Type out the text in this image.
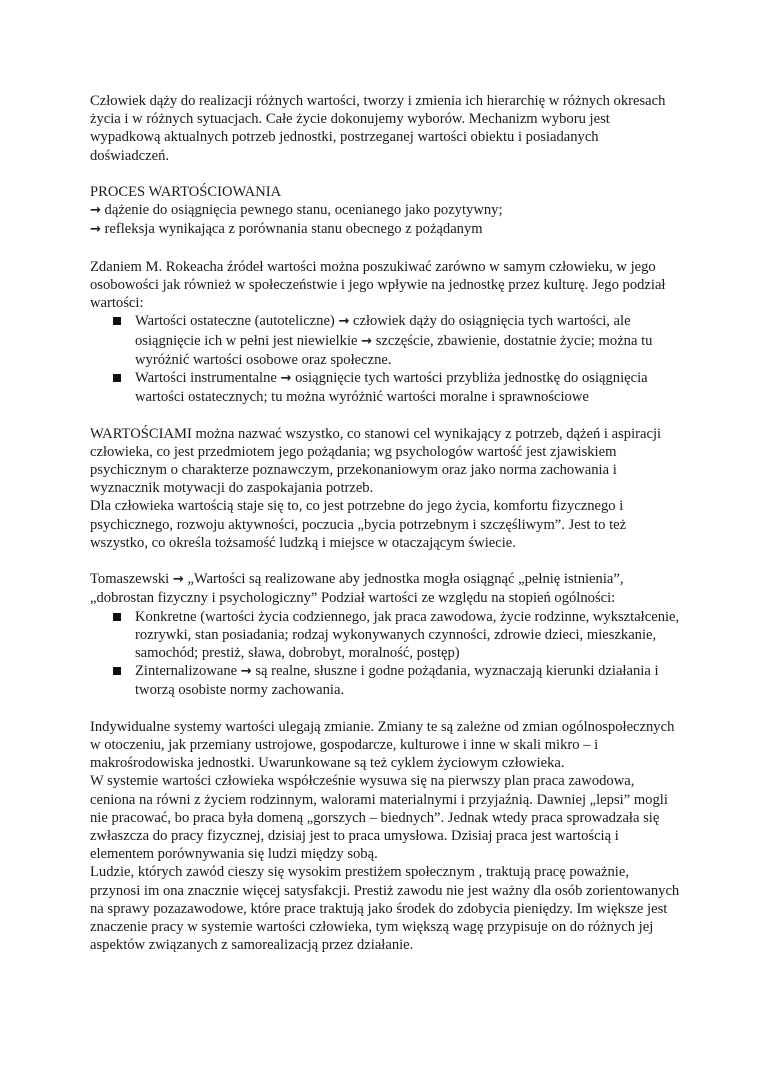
Człowiek dąży do realizacji różnych wartości, tworzy i zmienia ich hierarchię w różnych okresach życia i w różnych sytuacjach. Całe życie dokonujemy wyborów. Mechanizm wyboru jest wypadkową aktualnych potrzeb jednostki, postrzeganej wartości obiektu i posiadanych doświadczeń.

PROCES WARTOŚCIOWANIA

→ dążenie do osiągnięcia pewnego stanu, ocenianego jako pozytywny;

→ refleksja wynikająca z porównania stanu obecnego z pożądanym

Zdaniem M. Rokeacha źródeł wartości można poszukiwać zarówno w samym człowieku, w jego osobowości jak również w społeczeństwie i jego wpływie na jednostkę przez kulturę. Jego podział wartości:

Wartości ostateczne (autoteliczne) → człowiek dąży do osiągnięcia tych wartości, ale osiągnięcie ich w pełni jest niewielkie → szczęście, zbawienie, dostatnie życie; można tu wyróżnić wartości osobowe oraz społeczne.
Wartości instrumentalne → osiągnięcie tych wartości przybliża jednostkę do osiągnięcia wartości ostatecznych; tu można wyróżnić wartości moralne i sprawnościowe

WARTOŚCIAMI można nazwać wszystko, co stanowi cel wynikający z potrzeb, dążeń i aspiracji człowieka, co jest przedmiotem jego pożądania; wg psychologów wartość jest zjawiskiem psychicznym o charakterze poznawczym, przekonaniowym oraz jako norma zachowania i wyznacznik motywacji do zaspokajania potrzeb.

Dla człowieka wartością staje się to, co jest potrzebne do jego życia, komfortu fizycznego i psychicznego, rozwoju aktywności, poczucia „bycia potrzebnym i szczęśliwym”. Jest to też wszystko, co określa tożsamość ludzką i miejsce w otaczającym świecie.

Tomaszewski → „Wartości są realizowane aby jednostka mogła osiągnąć „pełnię istnienia”, „dobrostan fizyczny i psychologiczny” Podział wartości ze względu na stopień ogólności:

Konkretne (wartości życia codziennego, jak praca zawodowa, życie rodzinne, wykształcenie, rozrywki, stan posiadania; rodzaj wykonywanych czynności, zdrowie dzieci, mieszkanie, samochód; prestiż, sława, dobrobyt, moralność, postęp)
Zinternalizowane → są realne, słuszne i godne pożądania, wyznaczają kierunki działania i tworzą osobiste normy zachowania.

Indywidualne systemy wartości ulegają zmianie. Zmiany te są zależne od zmian ogólnospołecznych w otoczeniu, jak przemiany ustrojowe, gospodarcze, kulturowe i inne w skali mikro – i makrośrodowiska jednostki. Uwarunkowane są też cyklem życiowym człowieka.

W systemie wartości człowieka współcześnie wysuwa się na pierwszy plan praca zawodowa, ceniona na równi z życiem rodzinnym, walorami materialnymi i przyjaźnią. Dawniej „lepsi” mogli nie pracować, bo praca była domeną „gorszych – biednych”. Jednak wtedy praca sprowadzała się zwłaszcza do pracy fizycznej, dzisiaj jest to praca umysłowa. Dzisiaj praca jest wartością i elementem porównywania się ludzi między sobą.

Ludzie, których zawód cieszy się wysokim prestiżem społecznym , traktują pracę poważnie, przynosi im ona znacznie więcej satysfakcji. Prestiż zawodu nie jest ważny dla osób zorientowanych na sprawy pozazawodowe, które prace traktują jako środek do zdobycia pieniędzy. Im większe jest znaczenie pracy w systemie wartości człowieka, tym większą wagę przypisuje on do różnych jej aspektów związanych z samorealizacją przez działanie.
